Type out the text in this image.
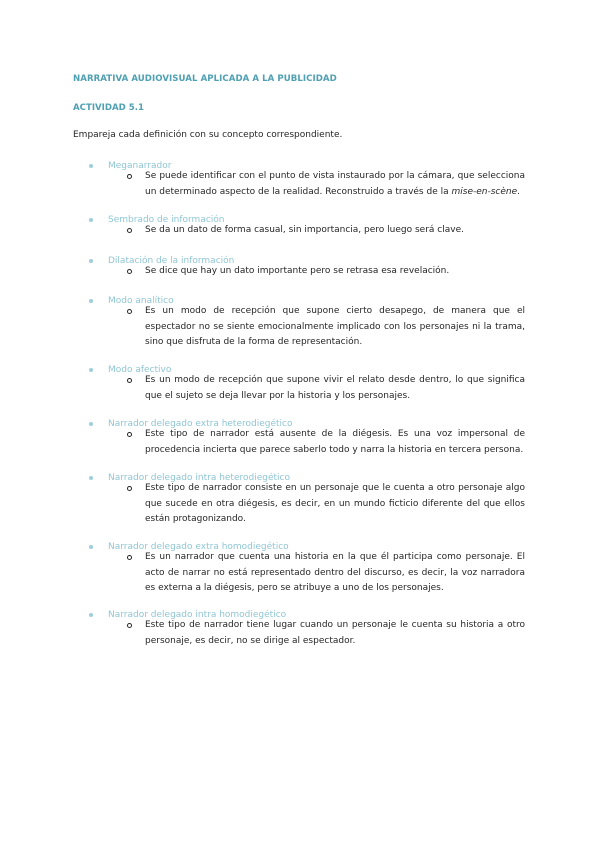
NARRATIVA AUDIOVISUAL APLICADA A LA PUBLICIDAD

ACTIVIDAD 5.1

Empareja cada definición con su concepto correspondiente.

Meganarrador
Se puede identificar con el punto de vista instaurado por la cámara, que selecciona
un determinado aspecto de la realidad. Reconstruido a través de la mise-en-scène.
Sembrado de información
Se da un dato de forma casual, sin importancia, pero luego será clave.
Dilatación de la información
Se dice que hay un dato importante pero se retrasa esa revelación.
Modo analítico
Es un modo de recepción que supone cierto desapego, de manera que el
espectador no se siente emocionalmente implicado con los personajes ni la trama,
sino que disfruta de la forma de representación.
Modo afectivo
Es un modo de recepción que supone vivir el relato desde dentro, lo que significa
que el sujeto se deja llevar por la historia y los personajes.
Narrador delegado extra heterodiegético
Este tipo de narrador está ausente de la diégesis. Es una voz impersonal de
procedencia incierta que parece saberlo todo y narra la historia en tercera persona.
Narrador delegado intra heterodiegético
Este tipo de narrador consiste en un personaje que le cuenta a otro personaje algo
que sucede en otra diégesis, es decir, en un mundo ficticio diferente del que ellos
están protagonizando.
Narrador delegado extra homodiegético
Es un narrador que cuenta una historia en la que él participa como personaje. El
acto de narrar no está representado dentro del discurso, es decir, la voz narradora
es externa a la diégesis, pero se atribuye a uno de los personajes.
Narrador delegado intra homodiegético
Este tipo de narrador tiene lugar cuando un personaje le cuenta su historia a otro
personaje, es decir, no se dirige al espectador.
